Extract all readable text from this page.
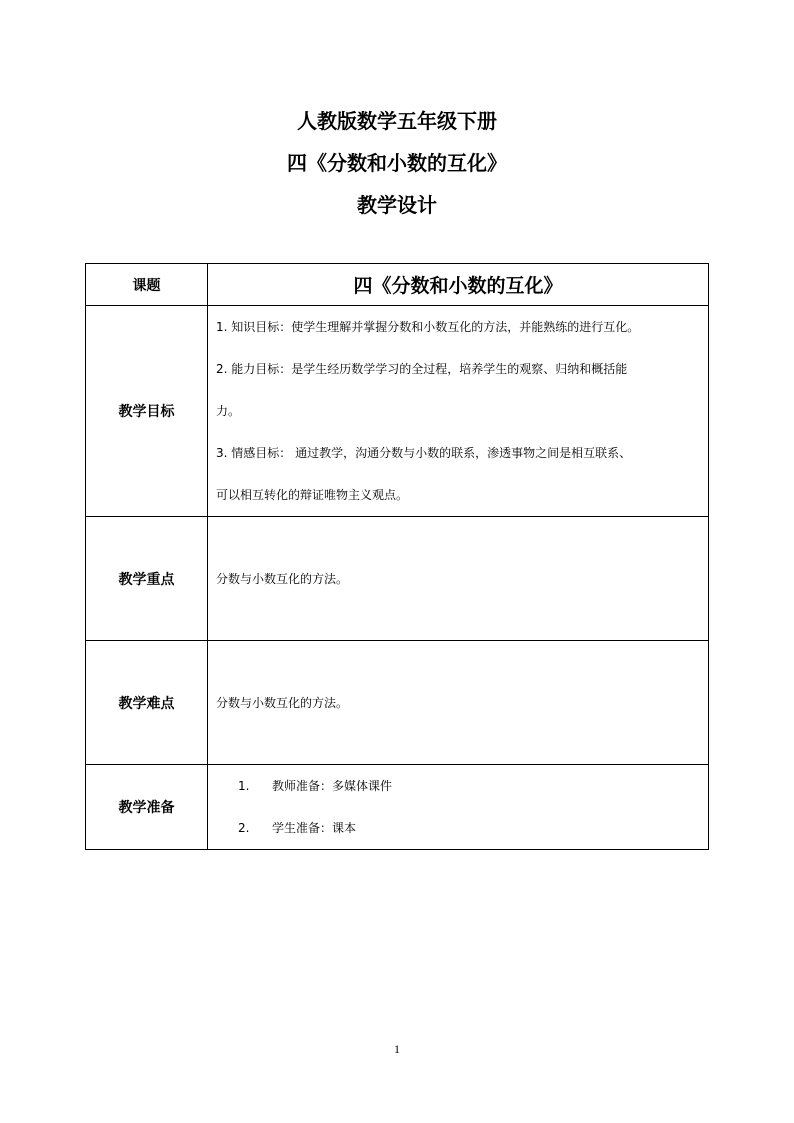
人教版数学五年级下册
四《分数和小数的互化》
教学设计
课题	四《分数和小数的互化》
教学目标	1. 知识目标：使学生理解并掌握分数和小数互化的方法，并能熟练的进行互化。
2. 能力目标：是学生经历数学学习的全过程，培养学生的观察、归纳和概括能
力。
3. 情感目标： 通过教学，沟通分数与小数的联系，渗透事物之间是相互联系、
可以相互转化的辩证唯物主义观点。

教学重点	分数与小数互化的方法。
教学难点	分数与小数互化的方法。
教学准备	1. 教师准备：多媒体课件
2. 学生准备：课本
1
